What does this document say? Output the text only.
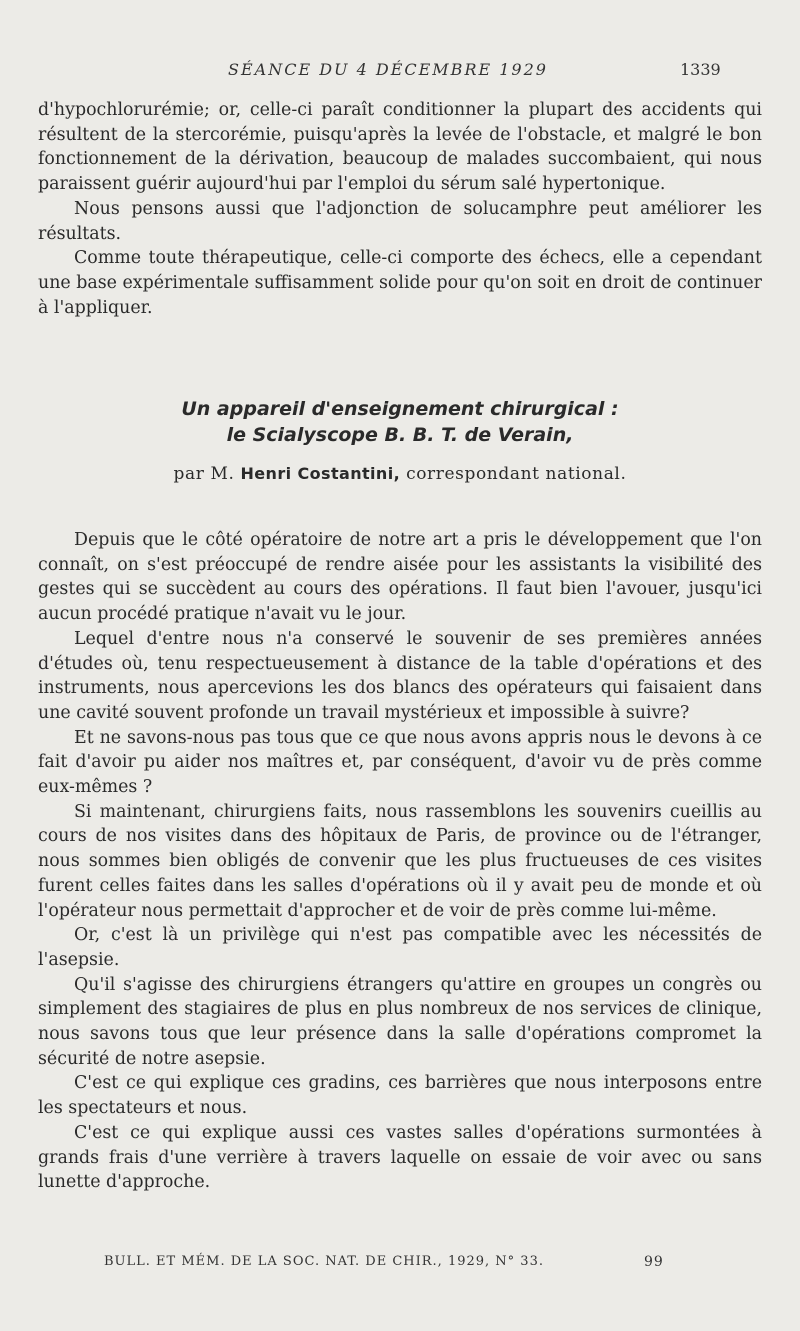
SÉANCE DU 4 DÉCEMBRE 1929	1339

d'hypochlorurémie; or, celle-ci paraît conditionner la plupart des accidents qui résultent de la stercorémie, puisqu'après la levée de l'obstacle, et malgré le bon fonctionnement de la dérivation, beaucoup de malades succombaient, qui nous paraissent guérir aujourd'hui par l'emploi du sérum salé hypertonique.

Nous pensons aussi que l'adjonction de solucamphre peut améliorer les résultats.

Comme toute thérapeutique, celle-ci comporte des échecs, elle a cependant une base expérimentale suffisamment solide pour qu'on soit en droit de continuer à l'appliquer.

Un appareil d'enseignement chirurgical :
le Scialyscope B. B. T. de Verain,
par M. Henri Costantini, correspondant national.

Depuis que le côté opératoire de notre art a pris le développement que l'on connaît, on s'est préoccupé de rendre aisée pour les assistants la visibilité des gestes qui se succèdent au cours des opérations. Il faut bien l'avouer, jusqu'ici aucun procédé pratique n'avait vu le jour.

Lequel d'entre nous n'a conservé le souvenir de ses premières années d'études où, tenu respectueusement à distance de la table d'opérations et des instruments, nous apercevions les dos blancs des opérateurs qui faisaient dans une cavité souvent profonde un travail mystérieux et impossible à suivre?

Et ne savons-nous pas tous que ce que nous avons appris nous le devons à ce fait d'avoir pu aider nos maîtres et, par conséquent, d'avoir vu de près comme eux-mêmes ?

Si maintenant, chirurgiens faits, nous rassemblons les souvenirs cueillis au cours de nos visites dans des hôpitaux de Paris, de province ou de l'étranger, nous sommes bien obligés de convenir que les plus fructueuses de ces visites furent celles faites dans les salles d'opérations où il y avait peu de monde et où l'opérateur nous permettait d'approcher et de voir de près comme lui-même.

Or, c'est là un privilège qui n'est pas compatible avec les nécessités de l'asepsie.

Qu'il s'agisse des chirurgiens étrangers qu'attire en groupes un congrès ou simplement des stagiaires de plus en plus nombreux de nos services de clinique, nous savons tous que leur présence dans la salle d'opérations compromet la sécurité de notre asepsie.

C'est ce qui explique ces gradins, ces barrières que nous interposons entre les spectateurs et nous.

C'est ce qui explique aussi ces vastes salles d'opérations surmontées à grands frais d'une verrière à travers laquelle on essaie de voir avec ou sans lunette d'approche.

BULL. ET MÉM. DE LA SOC. NAT. DE CHIR., 1929, N° 33.	99
